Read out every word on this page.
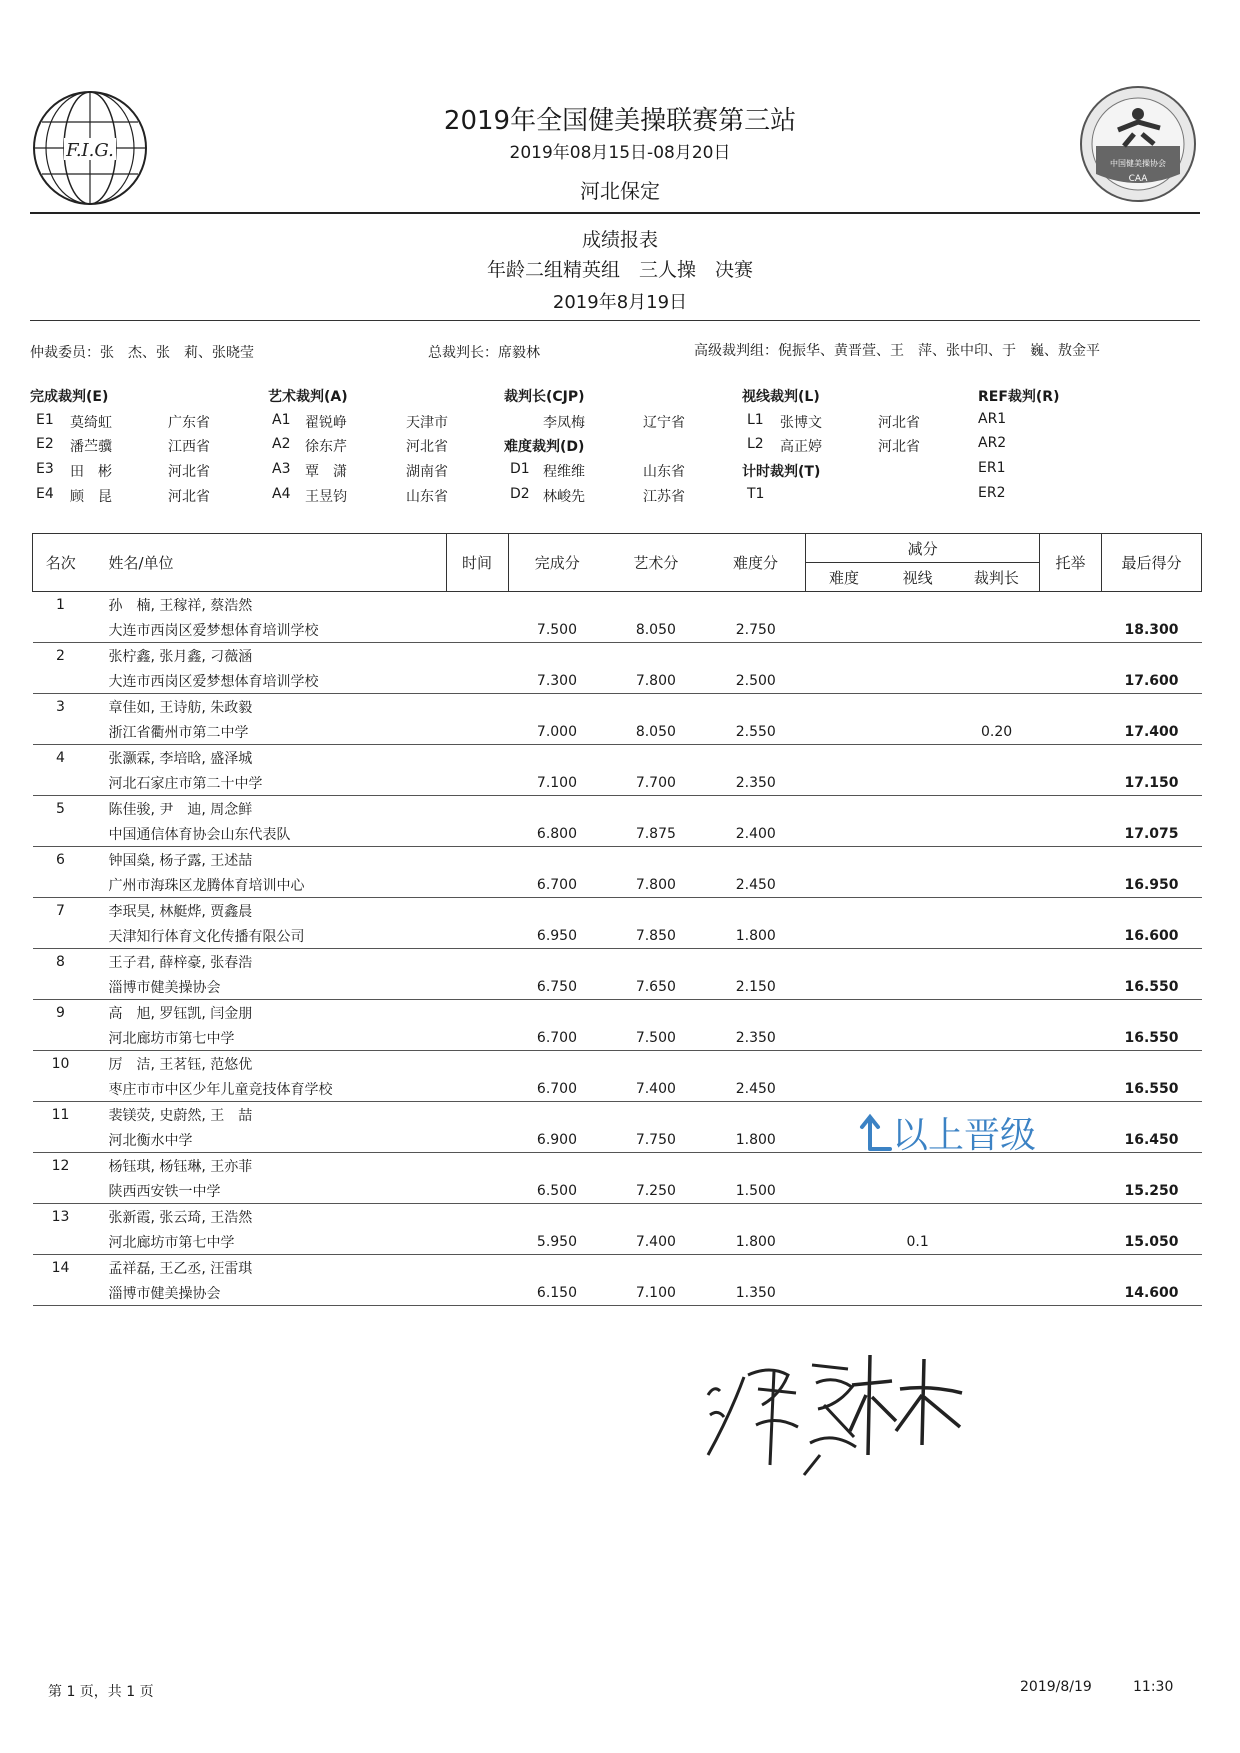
F.I.G.
中国健美操协会
CAA
2019年全国健美操联赛第三站
2019年08月15日-08月20日
河北保定
成绩报表
年龄二组精英组　三人操　决赛
2019年8月19日
仲裁委员：张　杰、张　莉、张晓莹	总裁判长：席毅林	高级裁判组：倪振华、黄晋萱、王　萍、张中印、于　巍、敖金平
完成裁判(E)
E1 莫绮虹	广东省
E2 潘苎骥	江西省
E3 田　彬	河北省
E4 顾　昆	河北省
艺术裁判(A)
A1 翟锐峥	天津市
A2 徐东芹	河北省
A3 覃　潇	湖南省
A4 王昱钧	山东省
裁判长(CJP)
李凤梅	辽宁省
难度裁判(D)
D1 程维维	山东省
D2 林峻先	江苏省
视线裁判(L)
L1 张博文	河北省
L2 高正婷	河北省
计时裁判(T)
T1
REF裁判(R)
AR1
AR2
ER1
ER2
名次	姓名/单位	时间	完成分	艺术分	难度分	减分			托举	最后得分
						难度	视线	裁判长		
1	孙　楠, 王稼祥, 蔡浩然									
	大连市西岗区爱梦想体育培训学校		7.500	8.050	2.750					18.300
2	张柠鑫, 张月鑫, 刁薇涵									
	大连市西岗区爱梦想体育培训学校		7.300	7.800	2.500					17.600
3	章佳如, 王诗舫, 朱政毅									
	浙江省衢州市第二中学		7.000	8.050	2.550			0.20		17.400
4	张灏霖, 李培晗, 盛泽城									
	河北石家庄市第二十中学		7.100	7.700	2.350					17.150
5	陈佳骏, 尹　迪, 周念鲜									
	中国通信体育协会山东代表队		6.800	7.875	2.400					17.075
6	钟国燊, 杨子露, 王述喆									
	广州市海珠区龙腾体育培训中心		6.700	7.800	2.450					16.950
7	李珉昊, 林艇烨, 贾鑫晨									
	天津知行体育文化传播有限公司		6.950	7.850	1.800					16.600
8	王子君, 薛梓豪, 张春浩									
	淄博市健美操协会		6.750	7.650	2.150					16.550
9	高　旭, 罗钰凯, 闫金朋									
	河北廊坊市第七中学		6.700	7.500	2.350					16.550
10	厉　洁, 王茗钰, 范悠优									
	枣庄市市中区少年儿童竞技体育学校		6.700	7.400	2.450					16.550
11	裴镁荧, 史蔚然, 王　喆									
	河北衡水中学		6.900	7.750	1.800					16.450
12	杨钰琪, 杨钰琳, 王亦菲									
	陕西西安铁一中学		6.500	7.250	1.500					15.250
13	张新霞, 张云琦, 王浩然									
	河北廊坊市第七中学		5.950	7.400	1.800		0.1			15.050
14	孟祥磊, 王乙丞, 汪雷琪									
	淄博市健美操协会		6.150	7.100	1.350					14.600
以上晋级
第 1 页，共 1 页	2019/8/19	11:30
